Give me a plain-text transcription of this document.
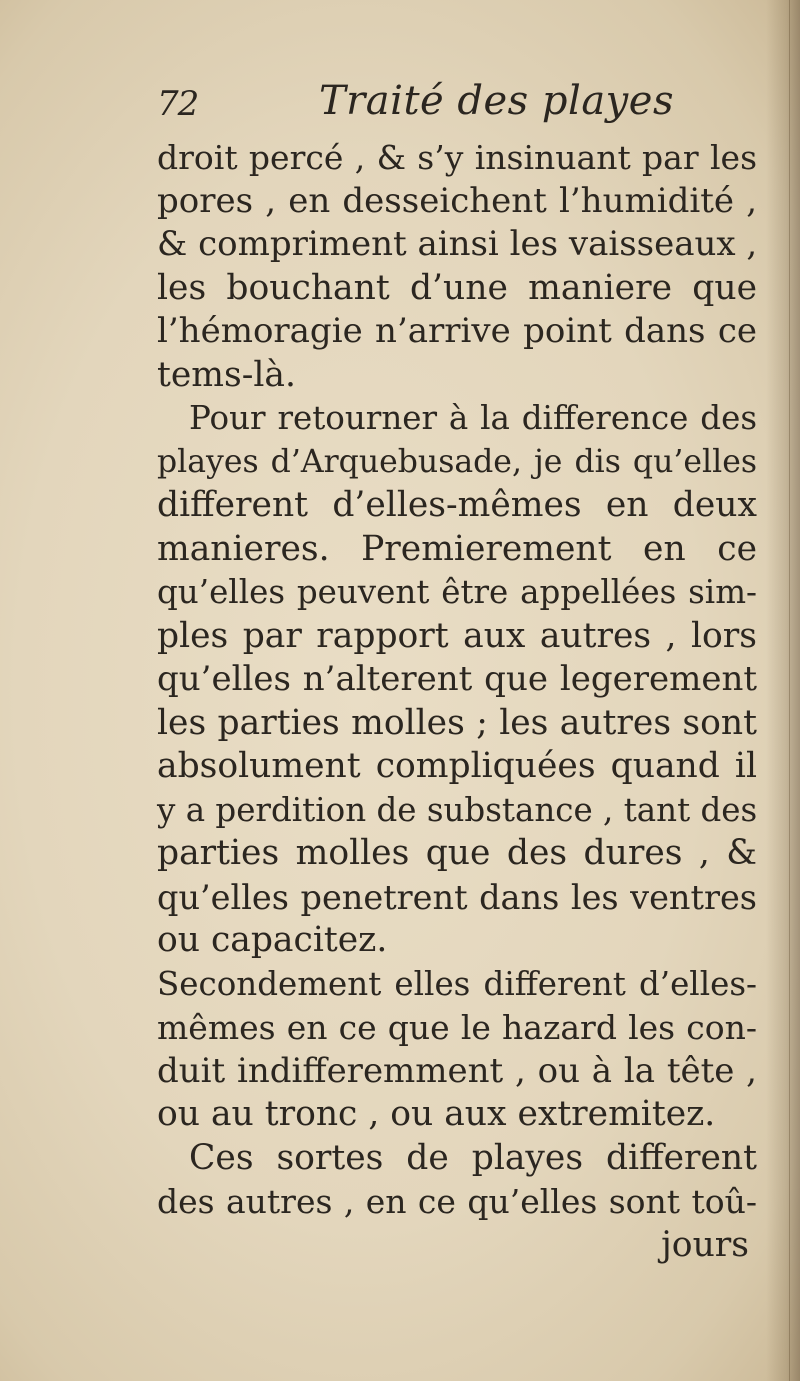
72	Traité des playes
droit percé , & s’y insinuant par les
pores , en desseichent l’humidité ,
& compriment ainsi les vaisseaux ,
les bouchant d’une maniere que
l’hémoragie n’arrive point dans ce
tems-là.
Pour retourner à la difference des
playes d’Arquebusade, je dis qu’elles
different d’elles-mêmes en deux
manieres. Premierement en ce
qu’elles peuvent être appellées sim-
ples par rapport aux autres , lors
qu’elles n’alterent que legerement
les parties molles ; les autres sont
absolument compliquées quand il
y a perdition de substance , tant des
parties molles que des dures , &
qu’elles penetrent dans les ventres
ou capacitez.
Secondement elles different d’elles-
mêmes en ce que le hazard les con-
duit indifferemment , ou à la tête ,
ou au tronc , ou aux extremitez.
Ces sortes de playes different
des autres , en ce qu’elles sont toû-
jours
